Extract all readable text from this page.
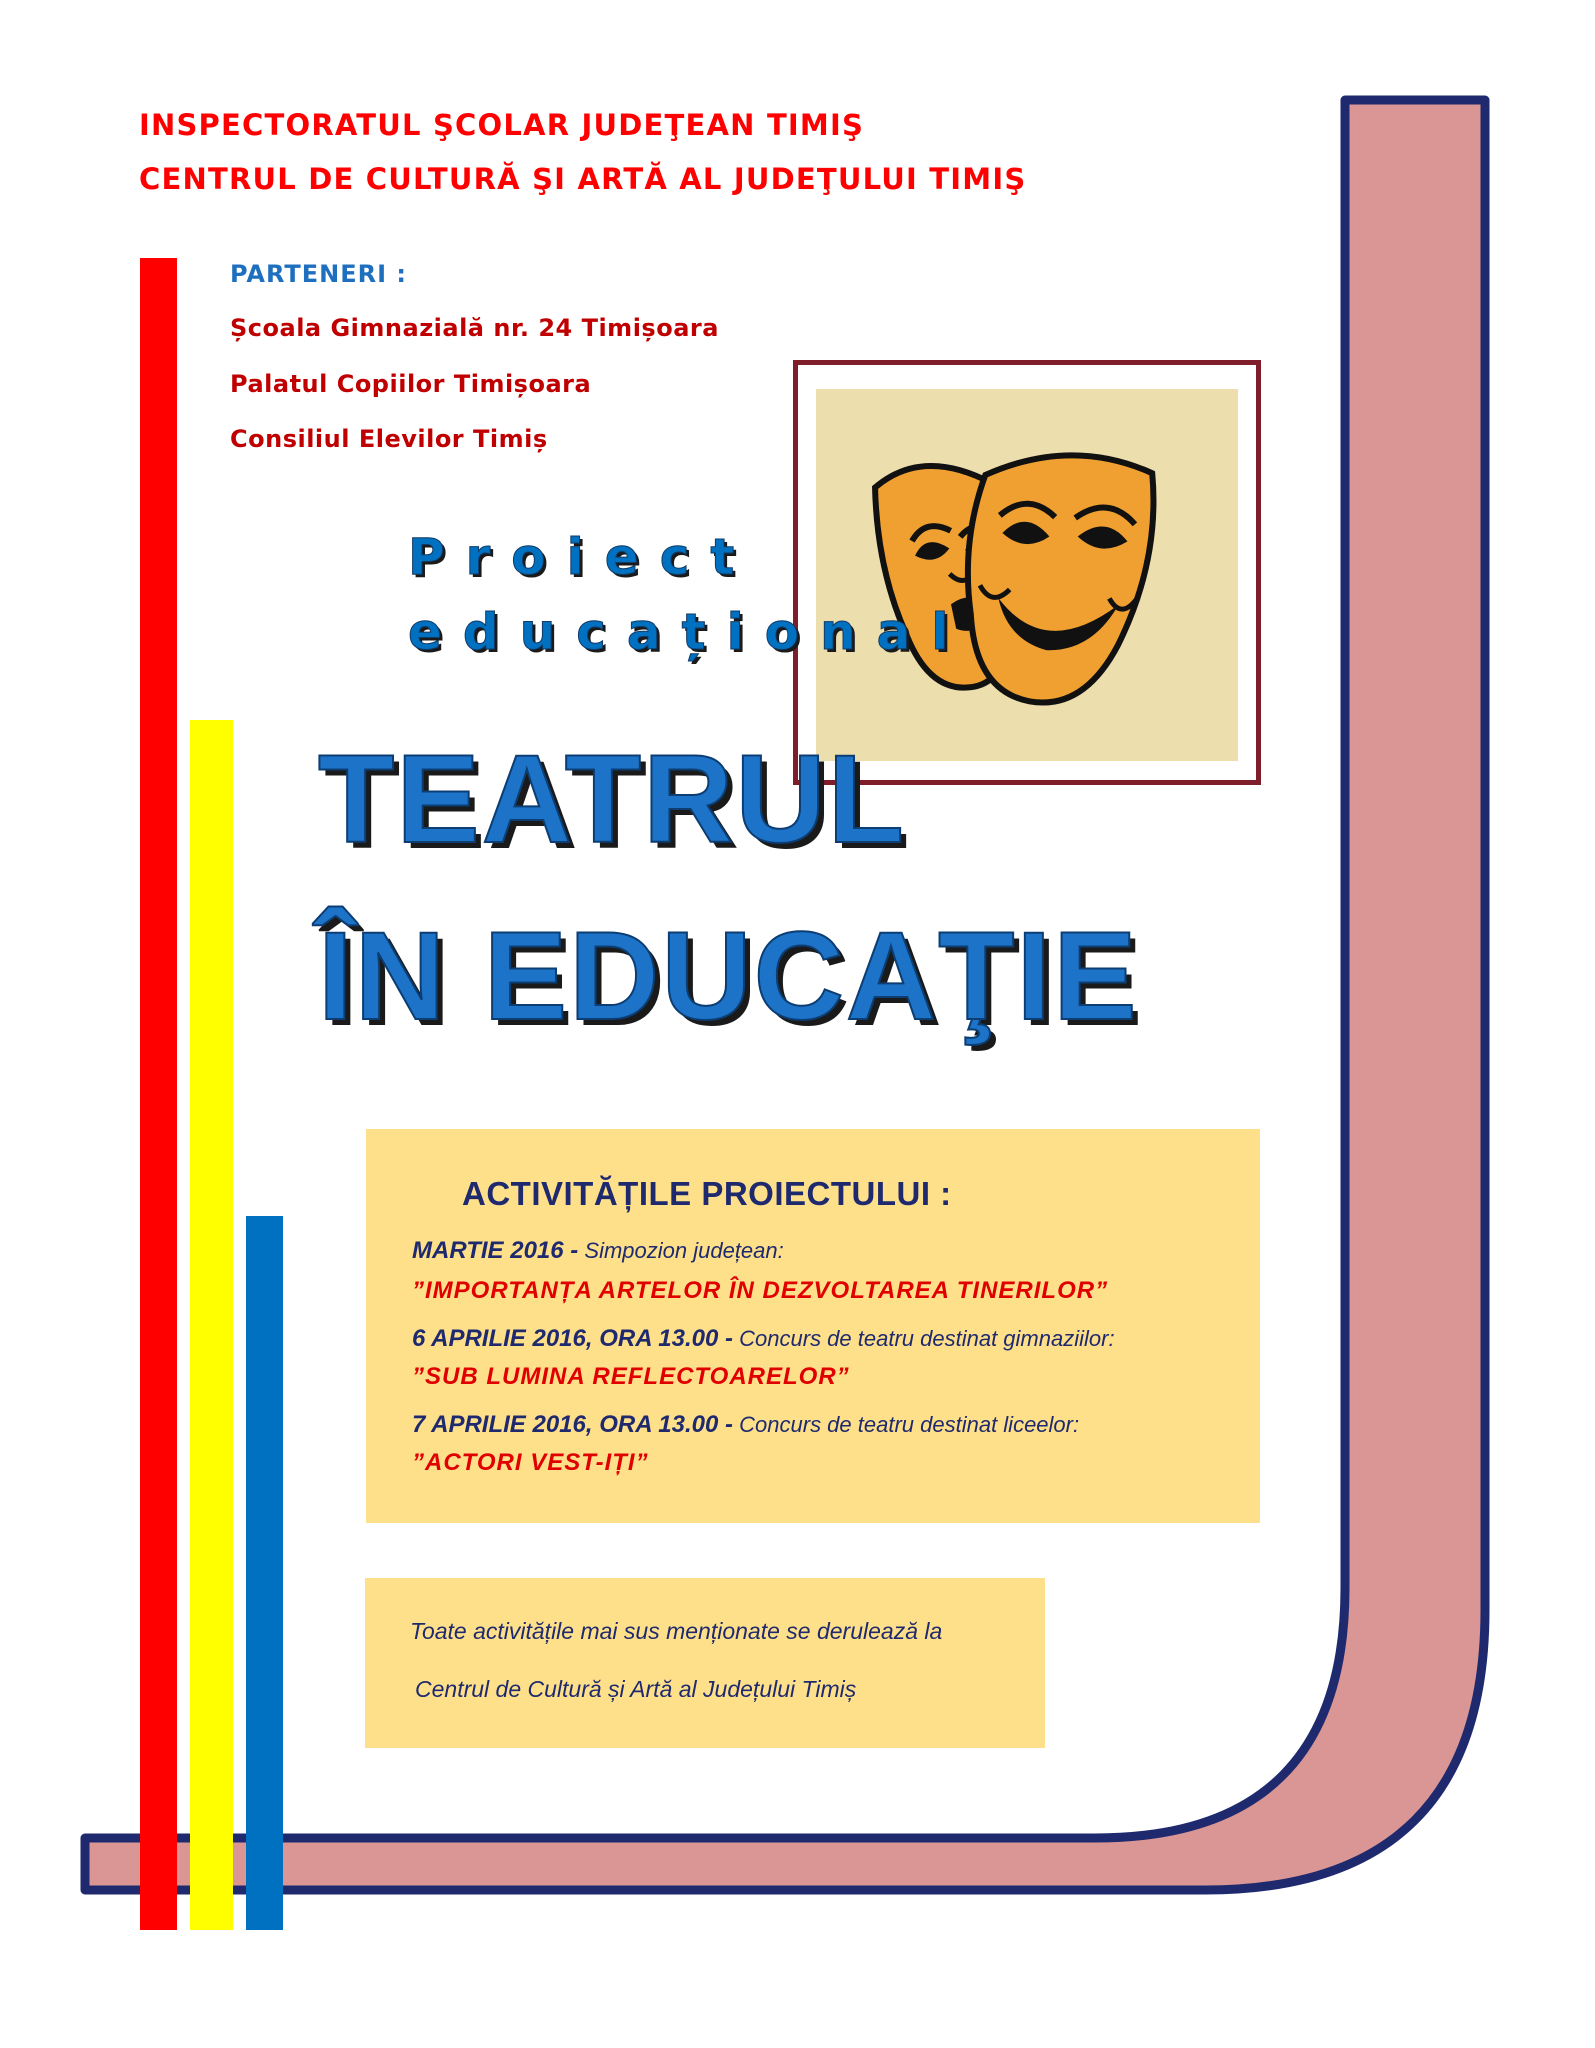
INSPECTORATUL ŞCOLAR JUDEŢEAN TIMIŞ
CENTRUL DE CULTURĂ ŞI ARTĂ AL JUDEŢULUI TIMIŞ
PARTENERI :
Școala Gimnazială nr. 24 Timișoara
Palatul Copiilor Timișoara
Consiliul Elevilor Timiș
Proiect
educațional
TEATRUL
ÎN EDUCAŢIE
ACTIVITĂȚILE PROIECTULUI :
MARTIE 2016 - Simpozion județean:
”IMPORTANȚA ARTELOR ÎN DEZVOLTAREA TINERILOR”
6 APRILIE 2016, ORA 13.00 - Concurs de teatru destinat gimnaziilor:
”SUB LUMINA REFLECTOARELOR”
7 APRILIE 2016, ORA 13.00 - Concurs de teatru destinat liceelor:
”ACTORI VEST-IȚI”
Toate activitățile mai sus menționate se derulează la
Centrul de Cultură și Artă al Județului Timiș
